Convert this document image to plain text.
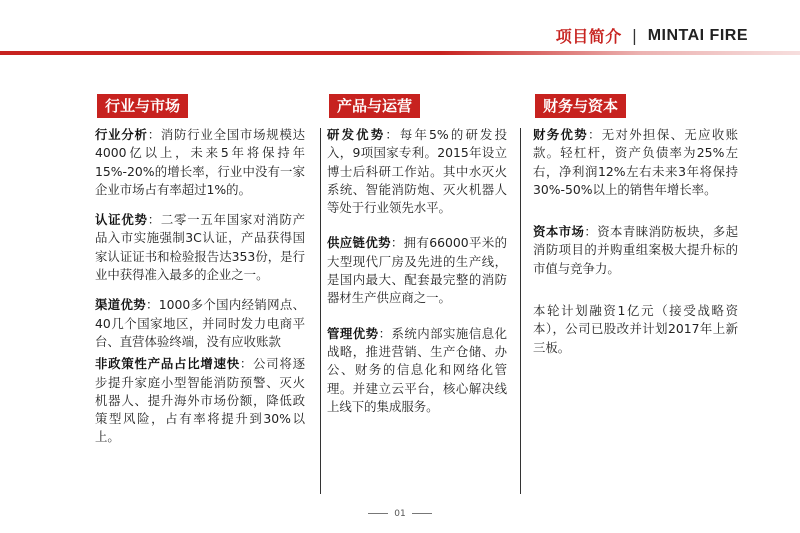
项目简介 | MINTAI FIRE
行业与市场

行业分析：消防行业全国市场规模达4000亿以上，未来5年将保持年15%-20%的增长率，行业中没有一家企业市场占有率超过1%的。

认证优势：二零一五年国家对消防产品入市实施强制3C认证，产品获得国家认证证书和检验报告达353份，是行业中获得准入最多的企业之一。

渠道优势：1000多个国内经销网点、40几个国家地区，并同时发力电商平台、直营体验终端，没有应收账款

非政策性产品占比增速快：公司将逐步提升家庭小型智能消防预警、灭火机器人、提升海外市场份额，降低政策型风险，占有率将提升到30%以上。

产品与运营

研发优势：每年5%的研发投入，9项国家专利。2015年设立博士后科研工作站。其中水灭火系统、智能消防炮、灭火机器人等处于行业领先水平。

供应链优势：拥有66000平米的大型现代厂房及先进的生产线，是国内最大、配套最完整的消防器材生产供应商之一。

管理优势：系统内部实施信息化战略，推进营销、生产仓储、办公、财务的信息化和网络化管理。并建立云平台，核心解决线上线下的集成服务。

财务与资本

财务优势：无对外担保、无应收账款。轻杠杆，资产负债率为25%左右，净利润12%左右未来3年将保持30%-50%以上的销售年增长率。

资本市场：资本青睐消防板块，多起消防项目的并购重组案极大提升标的市值与竞争力。

本轮计划融资1亿元（接受战略资本），公司已股改并计划2017年上新三板。

01
